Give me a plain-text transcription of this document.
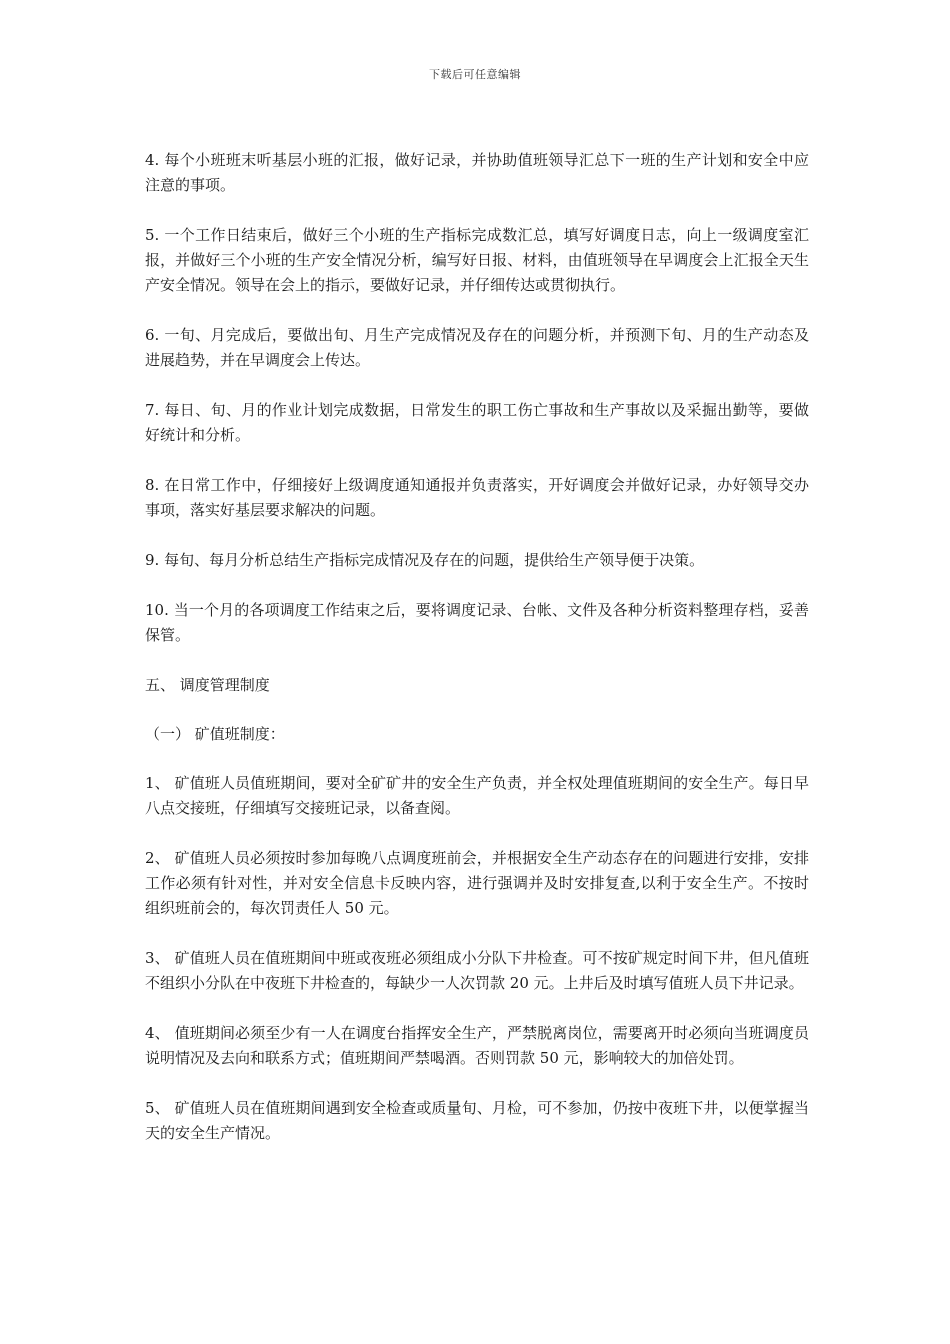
下载后可任意编辑

4. 每个小班班末听基层小班的汇报，做好记录，并协助值班领导汇总下一班的生产计划和安全中应注意的事项。

5. 一个工作日结束后，做好三个小班的生产指标完成数汇总，填写好调度日志，向上一级调度室汇报，并做好三个小班的生产安全情况分析，编写好日报、材料，由值班领导在早调度会上汇报全天生产安全情况。领导在会上的指示，要做好记录，并仔细传达或贯彻执行。

6. 一旬、月完成后，要做出旬、月生产完成情况及存在的问题分析，并预测下旬、月的生产动态及进展趋势，并在早调度会上传达。

7. 每日、旬、月的作业计划完成数据，日常发生的职工伤亡事故和生产事故以及采掘出勤等，要做好统计和分析。

8. 在日常工作中，仔细接好上级调度通知通报并负责落实，开好调度会并做好记录，办好领导交办事项，落实好基层要求解决的问题。

9. 每旬、每月分析总结生产指标完成情况及存在的问题，提供给生产领导便于决策。

10. 当一个月的各项调度工作结束之后，要将调度记录、台帐、文件及各种分析资料整理存档，妥善保管。

五、 调度管理制度

（一） 矿值班制度：

1、 矿值班人员值班期间，要对全矿矿井的安全生产负责，并全权处理值班期间的安全生产。每日早八点交接班，仔细填写交接班记录，以备查阅。

2、 矿值班人员必须按时参加每晚八点调度班前会，并根据安全生产动态存在的问题进行安排，安排工作必须有针对性，并对安全信息卡反映内容，进行强调并及时安排复查,以利于安全生产。不按时组织班前会的，每次罚责任人 50 元。

3、 矿值班人员在值班期间中班或夜班必须组成小分队下井检查。可不按矿规定时间下井，但凡值班不组织小分队在中夜班下井检查的，每缺少一人次罚款 20 元。上井后及时填写值班人员下井记录。

4、 值班期间必须至少有一人在调度台指挥安全生产，严禁脱离岗位，需要离开时必须向当班调度员说明情况及去向和联系方式；值班期间严禁喝酒。否则罚款 50 元，影响较大的加倍处罚。

5、 矿值班人员在值班期间遇到安全检查或质量旬、月检，可不参加，仍按中夜班下井，以便掌握当天的安全生产情况。
